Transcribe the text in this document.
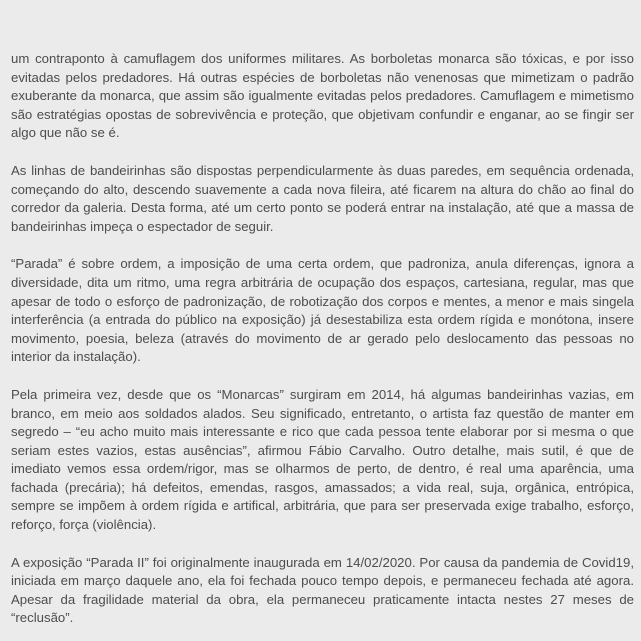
um contraponto à camuflagem dos uniformes militares. As borboletas monarca são tóxicas, e por isso evitadas pelos predadores. Há outras espécies de borboletas não venenosas que mimetizam o padrão exuberante da monarca, que assim são igualmente evitadas pelos predadores. Camuflagem e mimetismo são estratégias opostas de sobrevivência e proteção, que objetivam confundir e enganar, ao se fingir ser algo que não se é.

As linhas de bandeirinhas são dispostas perpendicularmente às duas paredes, em sequência ordenada, começando do alto, descendo suavemente a cada nova fileira, até ficarem na altura do chão ao final do corredor da galeria. Desta forma, até um certo ponto se poderá entrar na instalação, até que a massa de bandeirinhas impeça o espectador de seguir.

“Parada” é sobre ordem, a imposição de uma certa ordem, que padroniza, anula diferenças, ignora a diversidade, dita um ritmo, uma regra arbitrária de ocupação dos espaços, cartesiana, regular, mas que apesar de todo o esforço de padronização, de robotização dos corpos e mentes, a menor e mais singela interferência (a entrada do público na exposição) já desestabiliza esta ordem rígida e monótona, insere movimento, poesia, beleza (através do movimento de ar gerado pelo deslocamento das pessoas no interior da instalação).

Pela primeira vez, desde que os “Monarcas” surgiram em 2014, há algumas bandeirinhas vazias, em branco, em meio aos soldados alados. Seu significado, entretanto, o artista faz questão de manter em segredo – “eu acho muito mais interessante e rico que cada pessoa tente elaborar por si mesma o que seriam estes vazios, estas ausências”, afirmou Fábio Carvalho. Outro detalhe, mais sutil, é que de imediato vemos essa ordem/rigor, mas se olharmos de perto, de dentro, é real uma aparência, uma fachada (precária); há defeitos, emendas, rasgos, amassados; a vida real, suja, orgânica, entrópica, sempre se impõem à ordem rígida e artifical, arbitrária, que para ser preservada exige trabalho, esforço, reforço, força (violência).

A exposição “Parada II” foi originalmente inaugurada em 14/02/2020. Por causa da pandemia de Covid19, iniciada em março daquele ano, ela foi fechada pouco tempo depois, e permaneceu fechada até agora. Apesar da fragilidade material da obra, ela permaneceu praticamente intacta nestes 27 meses de “reclusão”.
